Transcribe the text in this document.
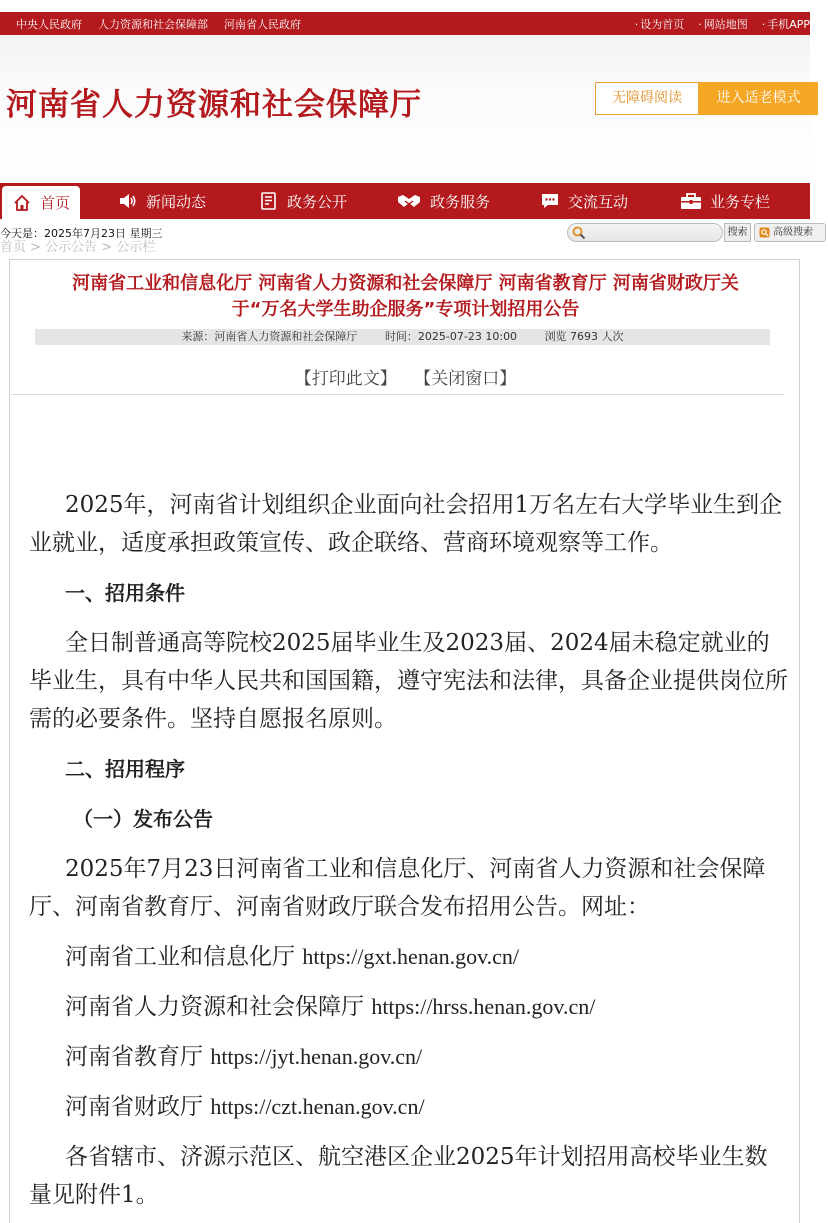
中央人民政府 人力资源和社会保障部 河南省人民政府	· 设为首页	· 网站地图	· 手机APP
河南省人力资源和社会保障厅	无障碍阅读	进入适老模式
首页	新闻动态	政务公开	政务服务	交流互动	业务专栏
首页 > 公示公告 > 公示栏
今天是：2025年7月23日 星期三	搜索	高级搜索
河南省工业和信息化厅 河南省人力资源和社会保障厅 河南省教育厅 河南省财政厅关
于“万名大学生助企服务”专项计划招用公告
来源：河南省人力资源和社会保障厅	时间：2025-07-23 10:00	浏览 7693 人次
【打印此文】 【关闭窗口】

2025年，河南省计划组织企业面向社会招用1万名左右大学毕业生到企业就业，适度承担政策宣传、政企联络、营商环境观察等工作。

一、招用条件

全日制普通高等院校2025届毕业生及2023届、2024届未稳定就业的毕业生，具有中华人民共和国国籍，遵守宪法和法律，具备企业提供岗位所需的必要条件。坚持自愿报名原则。

二、招用程序
（一）发布公告

2025年7月23日河南省工业和信息化厅、河南省人力资源和社会保障厅、河南省教育厅、河南省财政厅联合发布招用公告。网址：

河南省工业和信息化厅 https://gxt.henan.gov.cn/

河南省人力资源和社会保障厅 https://hrss.henan.gov.cn/

河南省教育厅 https://jyt.henan.gov.cn/

河南省财政厅 https://czt.henan.gov.cn/

各省辖市、济源示范区、航空港区企业2025年计划招用高校毕业生数量见附件1。
